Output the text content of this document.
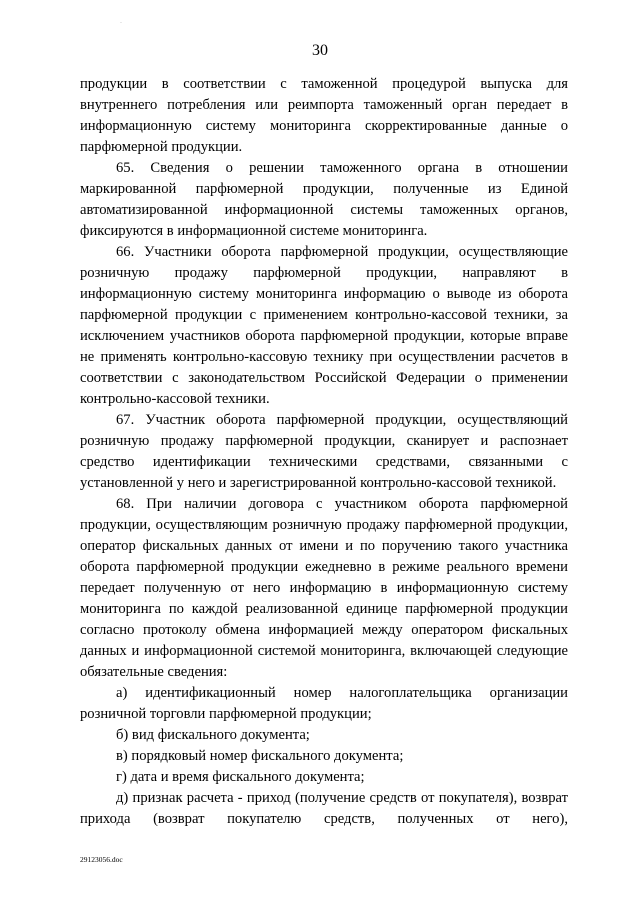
·
30

продукции в соответствии с таможенной процедурой выпуска для внутреннего потребления или реимпорта таможенный орган передает в информационную систему мониторинга скорректированные данные о парфюмерной продукции.

65. Сведения о решении таможенного органа в отношении маркированной парфюмерной продукции, полученные из Единой автоматизированной информационной системы таможенных органов, фиксируются в информационной системе мониторинга.

66. Участники оборота парфюмерной продукции, осуществляющие розничную продажу парфюмерной продукции, направляют в информационную систему мониторинга информацию о выводе из оборота парфюмерной продукции с применением контрольно-кассовой техники, за исключением участников оборота парфюмерной продукции, которые вправе не применять контрольно-кассовую технику при осуществлении расчетов в соответствии с законодательством Российской Федерации о применении контрольно-кассовой техники.

67. Участник оборота парфюмерной продукции, осуществляющий розничную продажу парфюмерной продукции, сканирует и распознает средство идентификации техническими средствами, связанными с установленной у него и зарегистрированной контрольно-кассовой техникой.

68. При наличии договора с участником оборота парфюмерной продукции, осуществляющим розничную продажу парфюмерной продукции, оператор фискальных данных от имени и по поручению такого участника оборота парфюмерной продукции ежедневно в режиме реального времени передает полученную от него информацию в информационную систему мониторинга по каждой реализованной единице парфюмерной продукции согласно протоколу обмена информацией между оператором фискальных данных и информационной системой мониторинга, включающей следующие обязательные сведения:

а) идентификационный номер налогоплательщика организации розничной торговли парфюмерной продукции;

б) вид фискального документа;

в) порядковый номер фискального документа;

г) дата и время фискального документа;

д) признак расчета - приход (получение средств от покупателя), возврат прихода (возврат покупателю средств, полученных от него),

29123056.doc
